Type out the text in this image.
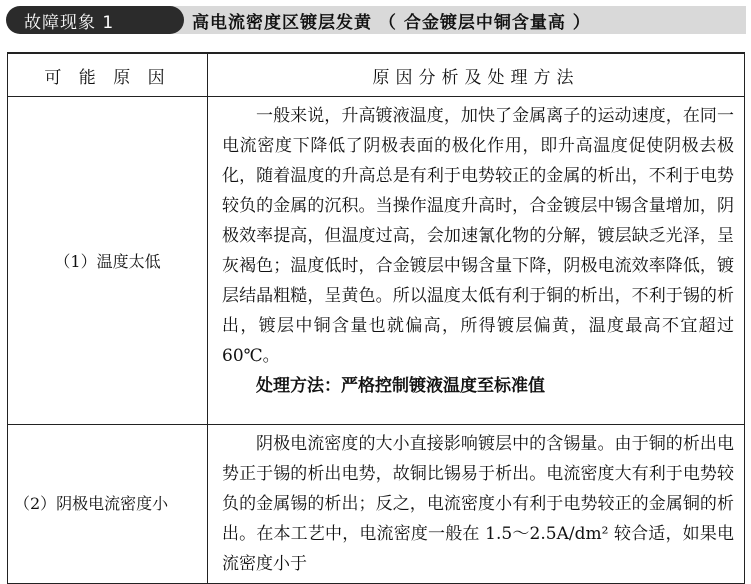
高电流密度区镀层发黄 （ 合金镀层中铜含量高 ）
故障现象 1
可 能 原 因	原因分析及处理方法
（1）温度太低	一般来说，升高镀液温度，加快了金属离子的运动速度，在同一电流密度下降低了阴极表面的极化作用，即升高温度促使阴极去极化，随着温度的升高总是有利于电势较正的金属的析出，不利于电势较负的金属的沉积。当操作温度升高时，合金镀层中锡含量增加，阴极效率提高，但温度过高，会加速氰化物的分解，镀层缺乏光泽，呈灰褐色；温度低时，合金镀层中锡含量下降，阴极电流效率降低，镀层结晶粗糙，呈黄色。所以温度太低有利于铜的析出，不利于锡的析出，镀层中铜含量也就偏高，所得镀层偏黄，温度最高不宜超过 60℃。

处理方法：严格控制镀液温度至标准值

（2）阴极电流密度小	阴极电流密度的大小直接影响镀层中的含锡量。由于铜的析出电势正于锡的析出电势，故铜比锡易于析出。电流密度大有利于电势较负的金属锡的析出；反之，电流密度小有利于电势较正的金属铜的析出。在本工艺中，电流密度一般在 1.5～2.5A/dm² 较合适，如果电流密度小于
